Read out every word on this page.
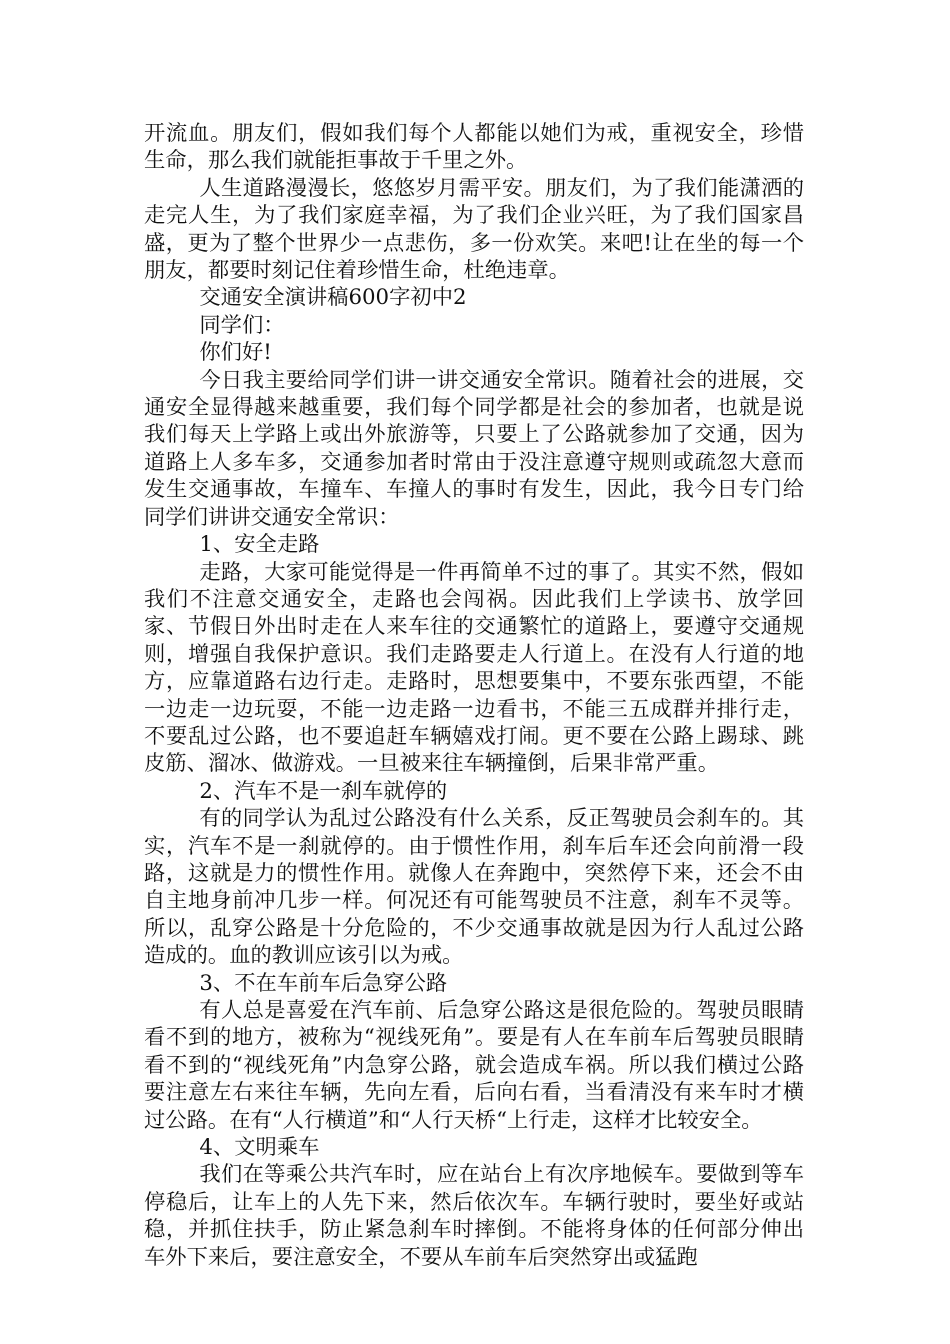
开流血。朋友们，假如我们每个人都能以她们为戒，重视安全，珍惜生命，那么我们就能拒事故于千里之外。

人生道路漫漫长，悠悠岁月需平安。朋友们，为了我们能潇洒的走完人生，为了我们家庭幸福，为了我们企业兴旺，为了我们国家昌盛，更为了整个世界少一点悲伤，多一份欢笑。来吧!让在坐的每一个朋友，都要时刻记住着珍惜生命，杜绝违章。

交通安全演讲稿600字初中2

同学们：

你们好!

今日我主要给同学们讲一讲交通安全常识。随着社会的进展，交通安全显得越来越重要，我们每个同学都是社会的参加者，也就是说我们每天上学路上或出外旅游等，只要上了公路就参加了交通，因为道路上人多车多，交通参加者时常由于没注意遵守规则或疏忽大意而发生交通事故，车撞车、车撞人的事时有发生，因此，我今日专门给同学们讲讲交通安全常识：

1、安全走路

走路，大家可能觉得是一件再简单不过的事了。其实不然，假如我们不注意交通安全，走路也会闯祸。因此我们上学读书、放学回家、节假日外出时走在人来车往的交通繁忙的道路上，要遵守交通规则，增强自我保护意识。我们走路要走人行道上。在没有人行道的地方，应靠道路右边行走。走路时，思想要集中，不要东张西望，不能一边走一边玩耍，不能一边走路一边看书，不能三五成群并排行走，不要乱过公路，也不要追赶车辆嬉戏打闹。更不要在公路上踢球、跳皮筋、溜冰、做游戏。一旦被来往车辆撞倒，后果非常严重。

2、汽车不是一刹车就停的

有的同学认为乱过公路没有什么关系，反正驾驶员会刹车的。其实，汽车不是一刹就停的。由于惯性作用，刹车后车还会向前滑一段路，这就是力的惯性作用。就像人在奔跑中，突然停下来，还会不由自主地身前冲几步一样。何况还有可能驾驶员不注意，刹车不灵等。所以，乱穿公路是十分危险的，不少交通事故就是因为行人乱过公路造成的。血的教训应该引以为戒。

3、不在车前车后急穿公路

有人总是喜爱在汽车前、后急穿公路这是很危险的。驾驶员眼睛看不到的地方，被称为“视线死角”。要是有人在车前车后驾驶员眼睛看不到的“视线死角”内急穿公路，就会造成车祸。所以我们横过公路要注意左右来往车辆，先向左看，后向右看，当看清没有来车时才横过公路。在有“人行横道”和“人行天桥“上行走，这样才比较安全。

4、文明乘车

我们在等乘公共汽车时，应在站台上有次序地候车。要做到等车停稳后，让车上的人先下来，然后依次车。车辆行驶时，要坐好或站稳，并抓住扶手，防止紧急刹车时摔倒。不能将身体的任何部分伸出车外下来后，要注意安全，不要从车前车后突然穿出或猛跑
